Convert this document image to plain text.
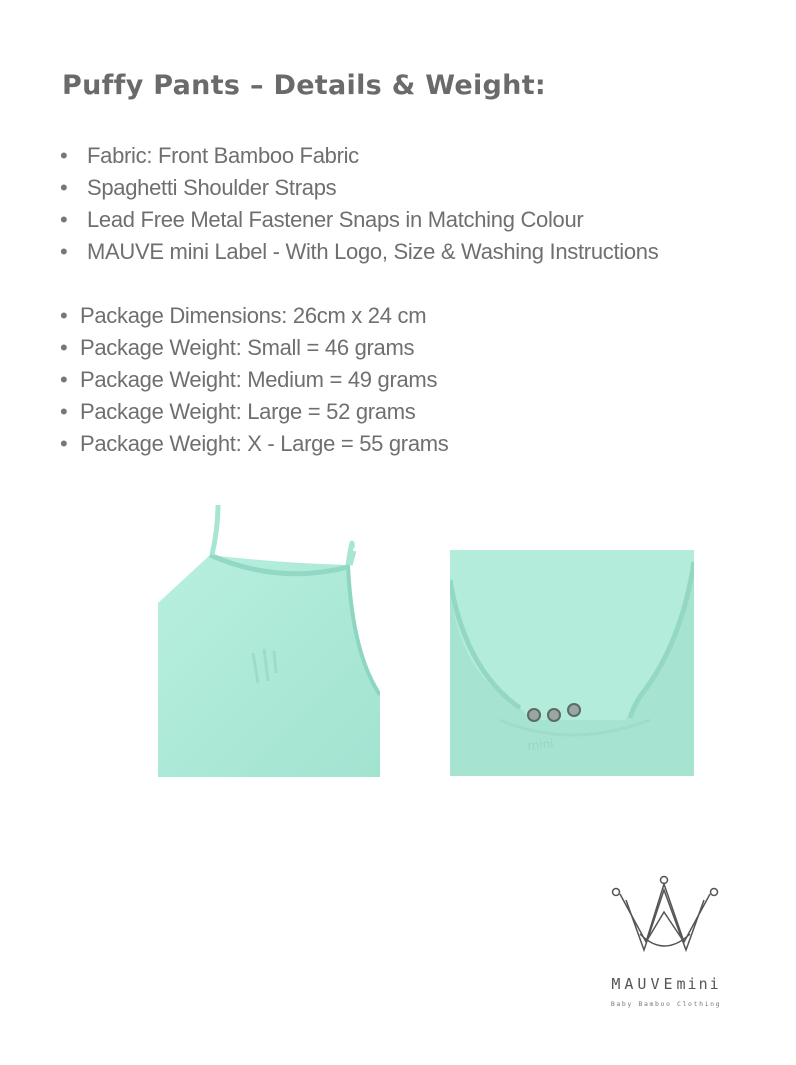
Puffy Pants – Details & Weight:
• Fabric: Front Bamboo Fabric
• Spaghetti Shoulder Straps
• Lead Free Metal Fastener Snaps in Matching Colour
• MAUVE mini Label - With Logo, Size & Washing Instructions
• Package Dimensions: 26cm x 24 cm
• Package Weight: Small = 46 grams
• Package Weight: Medium = 49 grams
• Package Weight: Large = 52 grams
• Package Weight: X - Large = 55 grams
mini
MAUVEmini
Baby Bamboo Clothing
